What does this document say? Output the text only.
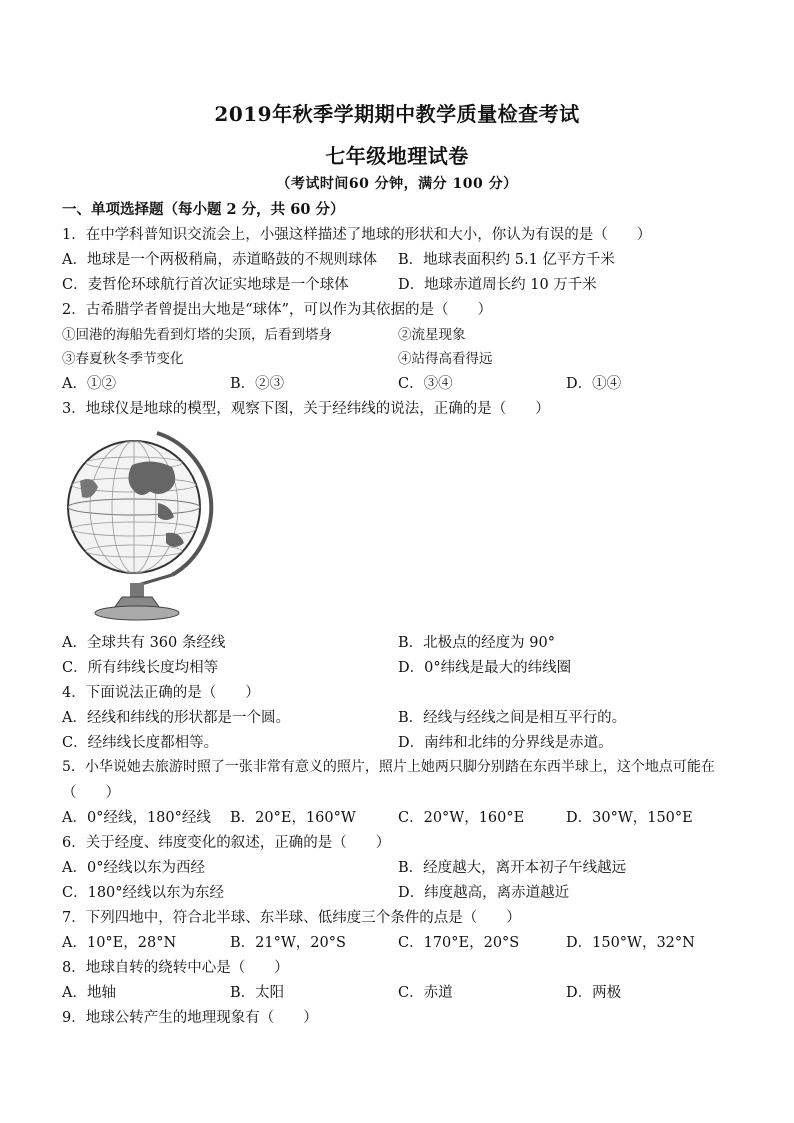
2019年秋季学期期中教学质量检查考试
七年级地理试卷
（考试时间60 分钟，满分 100 分）
一、单项选择题（每小题 2 分，共 60 分）
1．在中学科普知识交流会上，小强这样描述了地球的形状和大小，你认为有误的是（　　）
A．地球是一个两极稍扁，赤道略鼓的不规则球体 B．地球表面积约 5.1 亿平方千米
C．麦哲伦环球航行首次证实地球是一个球体	D．地球赤道周长约 10 万千米
2．古希腊学者曾提出大地是“球体”，可以作为其依据的是（　　）
①回港的海船先看到灯塔的尖顶，后看到塔身	②流星现象
③春夏秋冬季节变化	④站得高看得远
A．①②	B．②③	C．③④	D．①④
3．地球仪是地球的模型，观察下图，关于经纬线的说法，正确的是（　　）
A．全球共有 360 条经线	B．北极点的经度为 90°
C．所有纬线长度均相等	D．0°纬线是最大的纬线圈
4．下面说法正确的是（　　）
A．经线和纬线的形状都是一个圆。	B．经线与经线之间是相互平行的。
C．经纬线长度都相等。	D．南纬和北纬的分界线是赤道。
5．小华说她去旅游时照了一张非常有意义的照片，照片上她两只脚分别踏在东西半球上，这个地点可能在
（　　）
A．0°经线，180°经线 B．20°E，160°W	C．20°W，160°E	D．30°W，150°E
6．关于经度、纬度变化的叙述，正确的是（　　）
A．0°经线以东为西经	B．经度越大，离开本初子午线越远
C．180°经线以东为东经	D．纬度越高，离赤道越近
7．下列四地中，符合北半球、东半球、低纬度三个条件的点是（　　）
A．10°E，28°N	B．21°W，20°S	C．170°E，20°S	D．150°W，32°N
8．地球自转的绕转中心是（　　）
A．地轴	B．太阳	C．赤道	D．两极
9．地球公转产生的地理现象有（　　）
